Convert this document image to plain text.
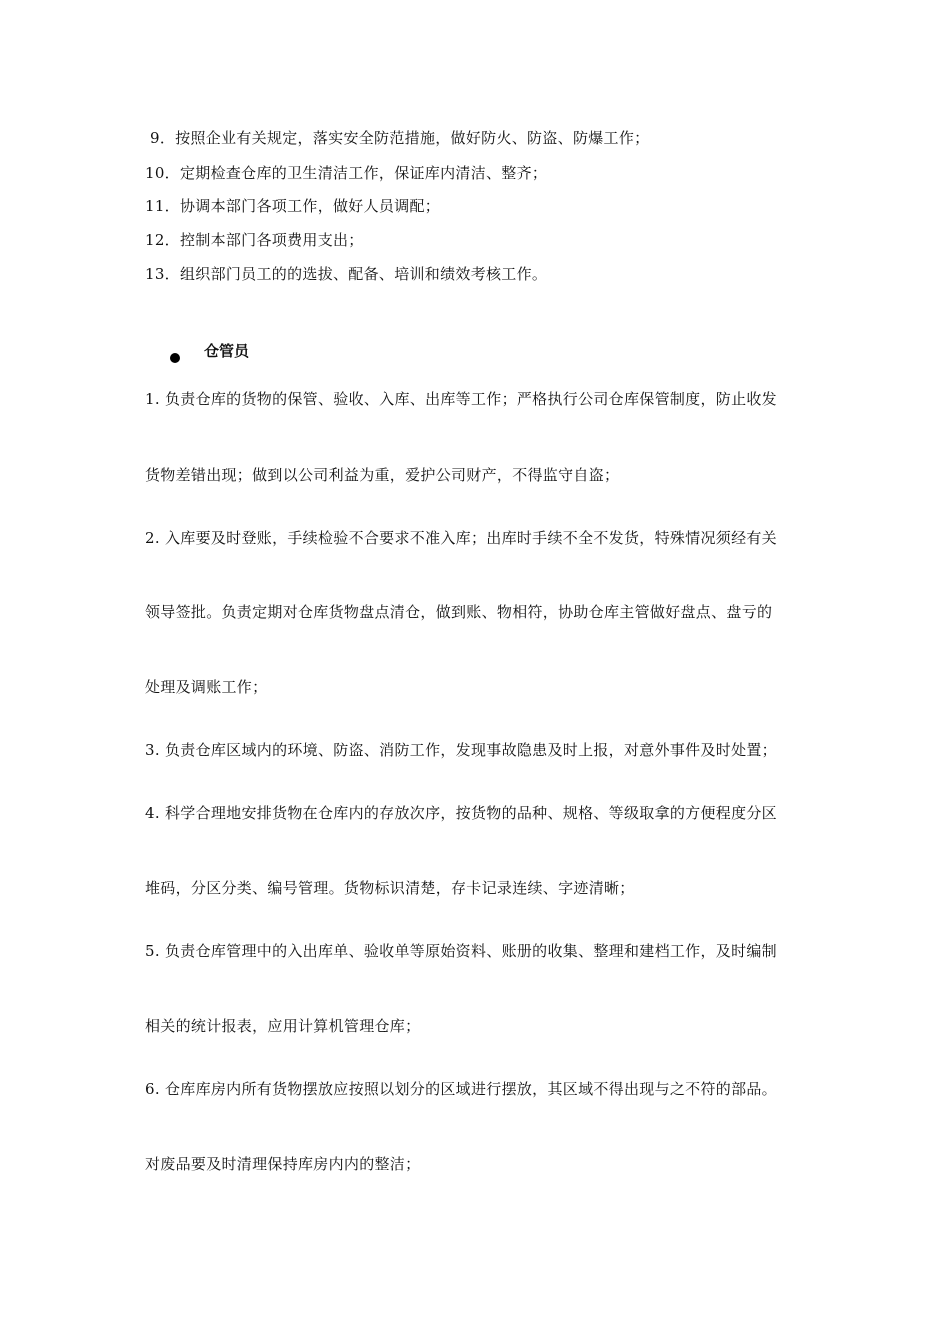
9．按照企业有关规定，落实安全防范措施，做好防火、防盗、防爆工作；
10．定期检查仓库的卫生清洁工作，保证库内清洁、整齐；
11．协调本部门各项工作，做好人员调配；
12．控制本部门各项费用支出；
13．组织部门员工的的选拔、配备、培训和绩效考核工作。
仓管员
1. 负责仓库的货物的保管、验收、入库、出库等工作；严格执行公司仓库保管制度，防止收发
货物差错出现；做到以公司利益为重，爱护公司财产，不得监守自盗；
2. 入库要及时登账，手续检验不合要求不准入库；出库时手续不全不发货，特殊情况须经有关
领导签批。负责定期对仓库货物盘点清仓，做到账、物相符，协助仓库主管做好盘点、盘亏的
处理及调账工作；
3. 负责仓库区域内的环境、防盗、消防工作，发现事故隐患及时上报，对意外事件及时处置；
4. 科学合理地安排货物在仓库内的存放次序，按货物的品种、规格、等级取拿的方便程度分区
堆码，分区分类、编号管理。货物标识清楚，存卡记录连续、字迹清晰；
5. 负责仓库管理中的入出库单、验收单等原始资料、账册的收集、整理和建档工作，及时编制
相关的统计报表，应用计算机管理仓库；
6. 仓库库房内所有货物摆放应按照以划分的区域进行摆放，其区域不得出现与之不符的部品。
对废品要及时清理保持库房内内的整洁；
